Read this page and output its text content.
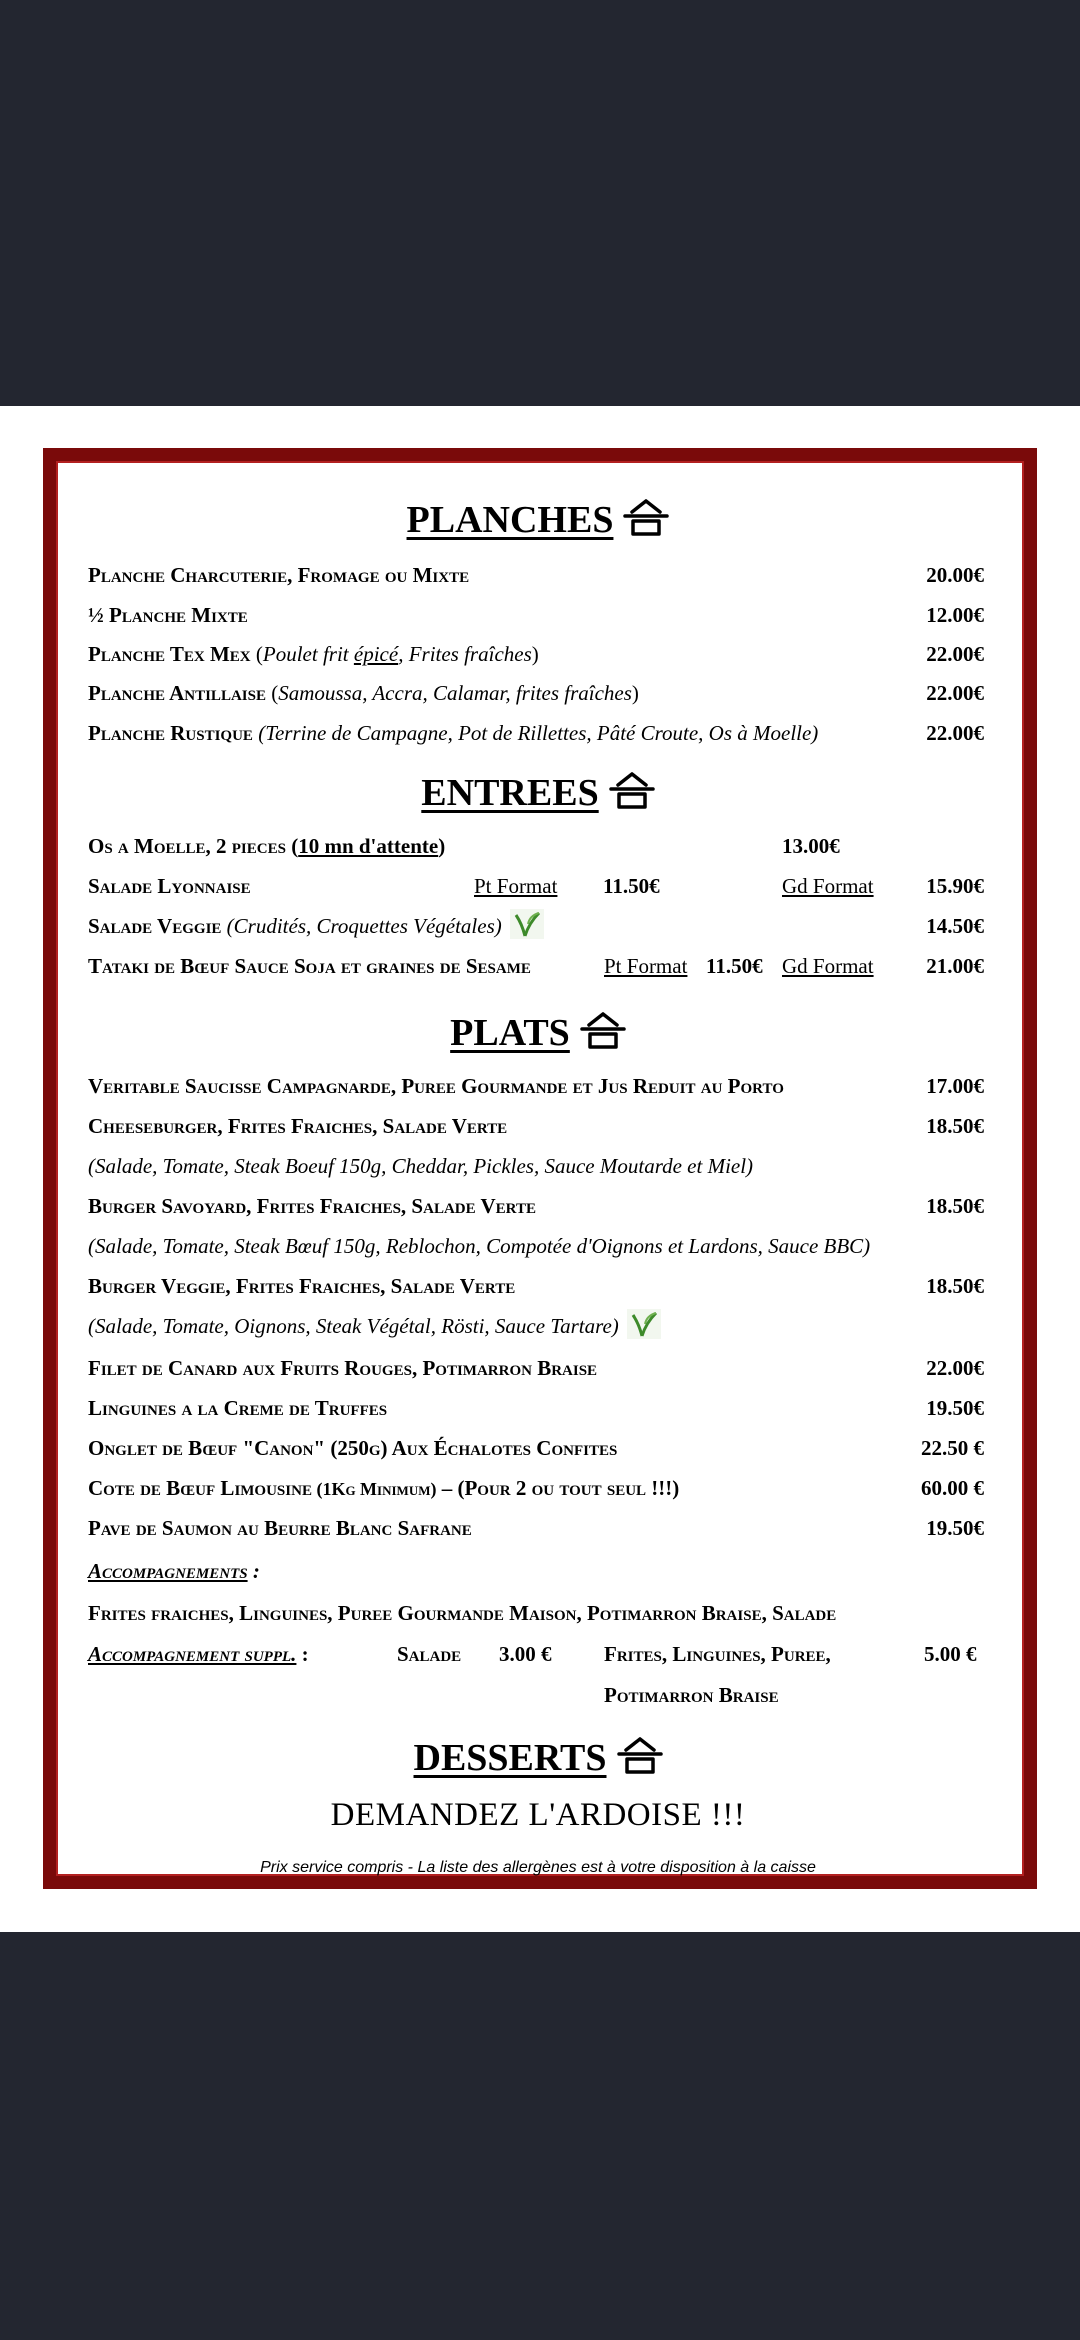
PLANCHES
Planche Charcuterie, Fromage ou Mixte	20.00€
½ Planche Mixte	12.00€
Planche Tex Mex (Poulet frit épicé, Frites fraîches)	22.00€
Planche Antillaise (Samoussa, Accra, Calamar, frites fraîches)	22.00€
Planche Rustique (Terrine de Campagne, Pot de Rillettes, Pâté Croute, Os à Moelle)	22.00€
ENTREES
Os a Moelle, 2 pieces (10 mn d'attente)	13.00€
Salade Lyonnaise	Pt Format 11.50€	Gd Format	15.90€
Salade Veggie (Crudités, Croquettes Végétales)	14.50€
Tataki de Bœuf Sauce Soja et graines de Sesame	Pt Format 11.50€ Gd Format	21.00€
PLATS
Veritable Saucisse Campagnarde, Puree Gourmande et Jus Reduit au Porto	17.00€
Cheeseburger, Frites Fraiches, Salade Verte	18.50€
(Salade, Tomate, Steak Boeuf 150g, Cheddar, Pickles, Sauce Moutarde et Miel)
Burger Savoyard, Frites Fraiches, Salade Verte	18.50€
(Salade, Tomate, Steak Bœuf 150g, Reblochon, Compotée d'Oignons et Lardons, Sauce BBC)
Burger Veggie, Frites Fraiches, Salade Verte	18.50€
(Salade, Tomate, Oignons, Steak Végétal, Rösti, Sauce Tartare)
Filet de Canard aux Fruits Rouges, Potimarron Braise	22.00€
Linguines a la Creme de Truffes	19.50€
Onglet de Bœuf "Canon" (250g) Aux Échalotes Confites	22.50 €
Cote de Bœuf Limousine (1Kg Minimum) – (Pour 2 ou tout seul !!!)	60.00 €
Pave de Saumon au Beurre Blanc Safrane	19.50€
Accompagnements :
Frites fraiches, Linguines, Puree Gourmande Maison, Potimarron Braise, Salade
Accompagnement suppl. :	Salade 3.00 €	Frites, Linguines, Puree,	5.00 €
Potimarron Braise
DESSERTS
DEMANDEZ L'ARDOISE !!!
Prix service compris - La liste des allergènes est à votre disposition à la caisse
